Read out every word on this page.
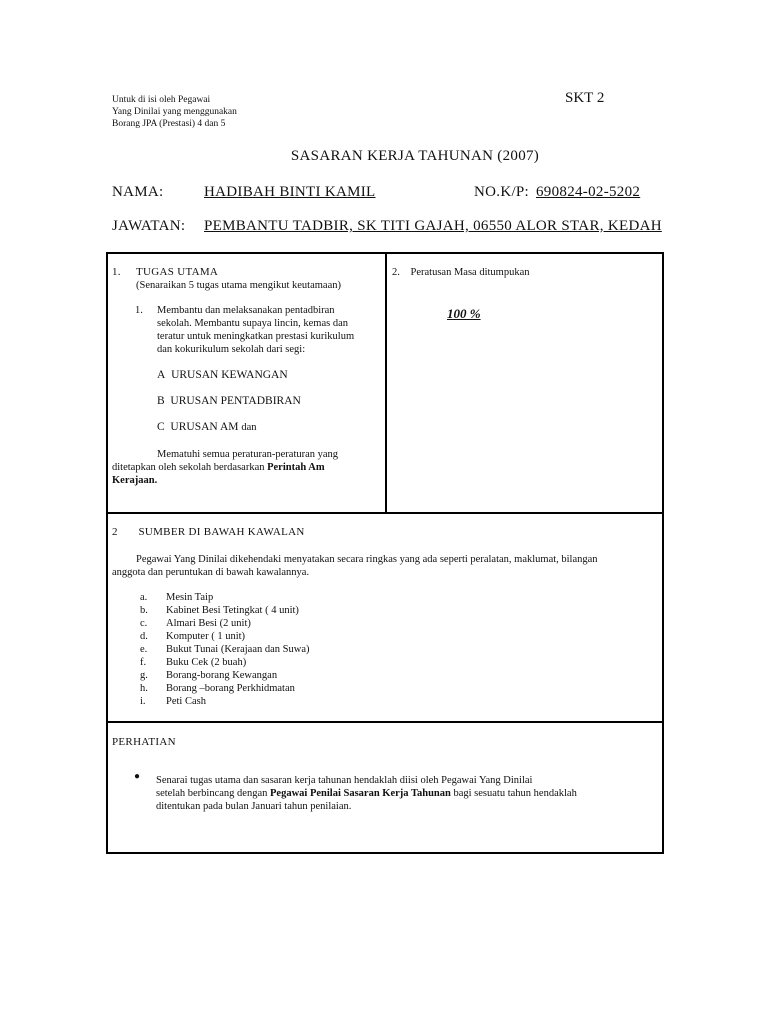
Untuk di isi oleh Pegawai
Yang Dinilai yang menggunakan
Borang JPA (Prestasi) 4 dan 5
SKT 2
SASARAN KERJA TAHUNAN (2007)
NAMA:	HADIBAH BINTI KAMIL	NO.K/P: 690824-02-5202
JAWATAN: PEMBANTU TADBIR, SK TITI GAJAH, 06550 ALOR STAR, KEDAH
1. TUGAS UTAMA
(Senaraikan 5 tugas utama mengikut keutamaan)
1. Membantu dan melaksanakan pentadbiran
sekolah. Membantu supaya lincin, kemas dan
teratur untuk meningkatkan prestasi kurikulum
dan kokurikulum sekolah dari segi:
A URUSAN KEWANGAN
B URUSAN PENTADBIRAN
C URUSAN AM dan
Mematuhi semua peraturan-peraturan yang
ditetapkan oleh sekolah berdasarkan Perintah Am
Kerajaan.
2. Peratusan Masa ditumpukan
100 %
2 SUMBER DI BAWAH KAWALAN
Pegawai Yang Dinilai dikehendaki menyatakan secara ringkas yang ada seperti peralatan, maklumat, bilangan
anggota dan peruntukan di bawah kawalannya.
a. Mesin Taip
b. Kabinet Besi Tetingkat ( 4 unit)
c. Almari Besi (2 unit)
d. Komputer ( 1 unit)
e. Bukut Tunai (Kerajaan dan Suwa)
f. Buku Cek (2 buah)
g. Borang-borang Kewangan
h. Borang –borang Perkhidmatan
i. Peti Cash
PERHATIAN
● Senarai tugas utama dan sasaran kerja tahunan hendaklah diisi oleh Pegawai Yang Dinilai
setelah berbincang dengan Pegawai Penilai Sasaran Kerja Tahunan bagi sesuatu tahun hendaklah
ditentukan pada bulan Januari tahun penilaian.
